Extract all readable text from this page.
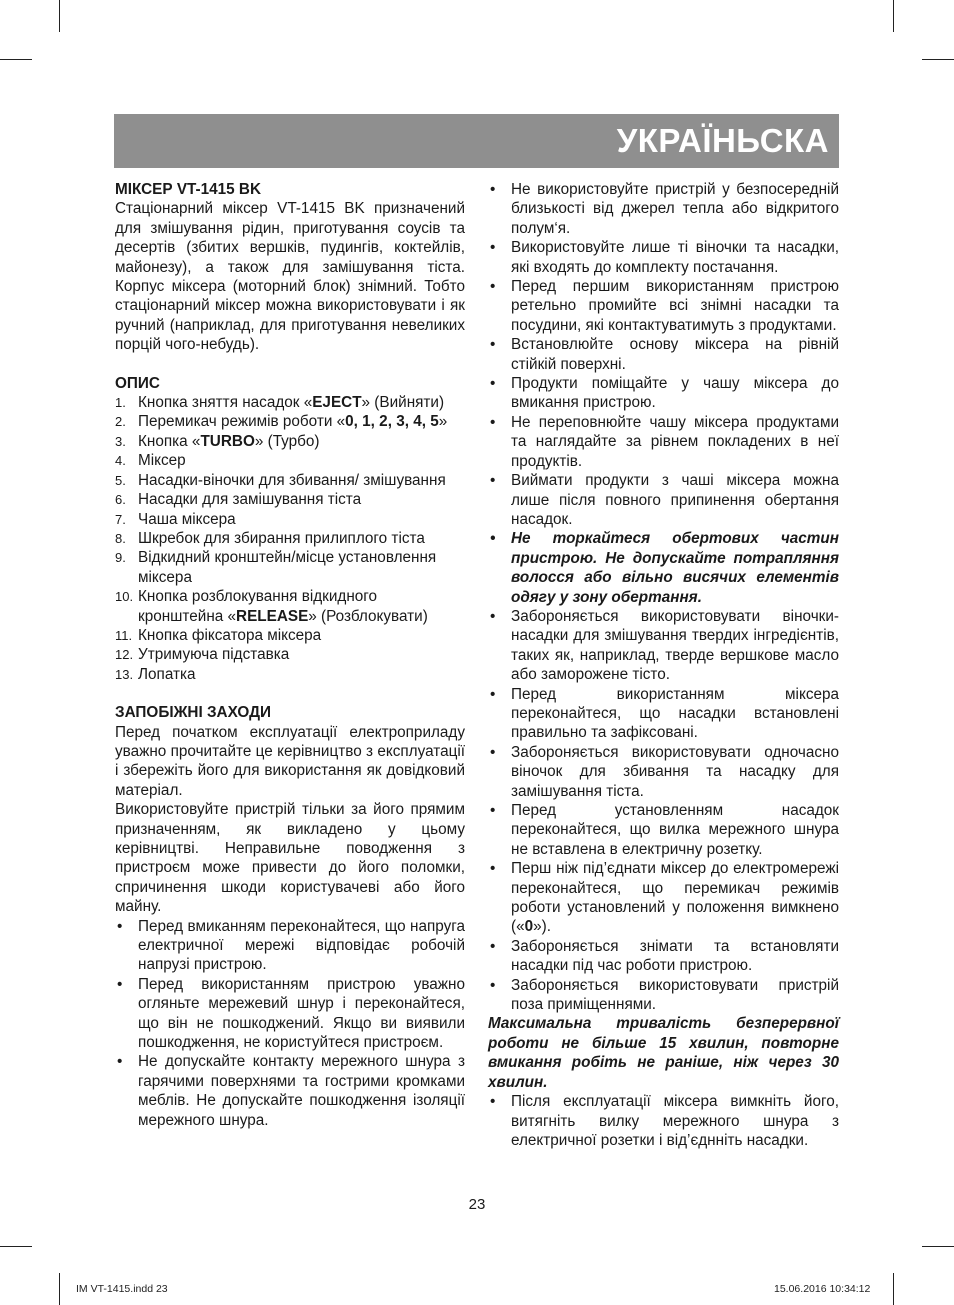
УКРАЇНЬСКА

МІКСЕР VT-1415 BK

Стаціонарний міксер VT-1415 BK призначений для змішування рідин, приготування соусів та десертів (збитих вершків, пудингів, коктейлів, майонезу), а також для замішування тіста. Корпус міксера (моторний блок) знімний. Тобто стаціонарний міксер можна використовувати і як ручний (наприклад, для приготування невеликих порцій чого-небудь).

ОПИС

1. Кнопка зняття насадок «EJECT» (Вийняти)
2. Перемикач режимів роботи «0, 1, 2, 3, 4, 5»
3. Кнопка «TURBO» (Турбо)
4. Міксер
5. Насадки-віночки для збивання/ змішування
6. Насадки для замішування тіста
7. Чаша міксера
8. Шкребок для збирання прилиплого тіста
9. Відкидний кронштейн/місце установлення міксера
10. Кнопка розблокування відкидного кронштейна «RELEASE» (Розблокувати)
11. Кнопка фіксатора міксера
12. Утримуюча підставка
13. Лопатка

ЗАПОБІЖНІ ЗАХОДИ

Перед початком експлуатації електроприладу уважно прочитайте це керівництво з експлуатації і збережіть його для використання як довідковий матеріал.

Використовуйте пристрій тільки за його прямим призначенням, як викладено у цьому керівництві. Неправильне поводження з пристроєм може привести до його поломки, спричинення шкоди користувачеві або його майну.

• Перед вмиканням переконайтеся, що напруга електричної мережі відповідає робочій напрузі пристрою.
• Перед використанням пристрою уважно огляньте мережевий шнур і переконайтеся, що він не пошкоджений. Якщо ви виявили пошкодження, не користуйтеся пристроєм.
• Не допускайте контакту мережного шнура з гарячими поверхнями та гострими кромками меблів. Не допускайте пошкодження ізоляції мережного шнура.
• Не використовуйте пристрій у безпосередній близькості від джерел тепла або відкритого полум‘я.
• Використовуйте лише ті віночки та насадки, які входять до комплекту постачання.
• Перед першим використанням пристрою ретельно промийте всі знімні насадки та посудини, які контактуватимуть з продуктами.
• Встановлюйте основу міксера на рівній стійкій поверхні.
• Продукти поміщайте у чашу міксера до вмикання пристрою.
• Не переповнюйте чашу міксера продуктами та наглядайте за рівнем покладених в неї продуктів.
• Виймати продукти з чаші міксера можна лише після повного припинення обертання насадок.
• Не торкайтеся обертових частин пристрою. Не допускайте потрапляння волосся або вільно висячих елементів одягу у зону обертання.
• Забороняється використовувати віночки-насадки для змішування твердих інгредієнтів, таких як, наприклад, тверде вершкове масло або заморожене тісто.
• Перед використанням міксера переконайтеся, що насадки встановлені правильно та зафіксовані.
• Забороняється використовувати одночасно віночок для збивання та насадку для замішування тіста.
• Перед установленням насадок переконайтеся, що вилка мережного шнура не вставлена в електричну розетку.
• Перш ніж під’єднати міксер до електромережі переконайтеся, що перемикач режимів роботи установлений у положення вимкнено («0»).
• Забороняється знімати та встановляти насадки під час роботи пристрою.
• Забороняється використовувати пристрій поза приміщеннями.

Максимальна тривалість безперервної роботи не більше 15 хвилин, повторне вмикання робіть не раніше, ніж через 30 хвилин.

• Після експлуатації міксера вимкніть його, витягніть вилку мережного шнура з електричної розетки і від’єднніть насадки.
23
IM VT-1415.indd 23	15.06.2016 10:34:12
